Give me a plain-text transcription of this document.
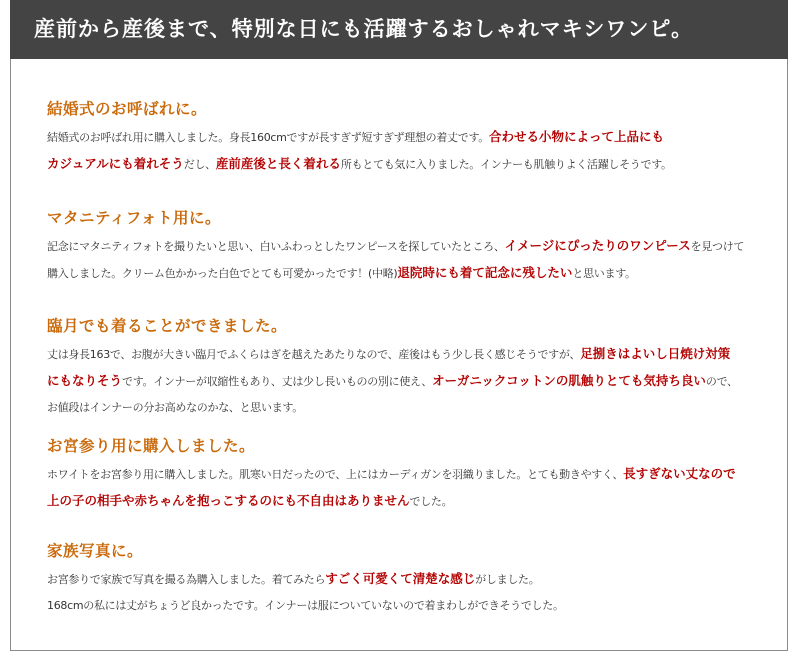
産前から産後まで、特別な日にも活躍するおしゃれマキシワンピ。
結婚式のお呼ばれに。

結婚式のお呼ばれ用に購入しました。身長160cmですが長すぎず短すぎず理想の着丈です。合わせる小物によって上品にも
カジュアルにも着れそうだし、産前産後と長く着れる所もとても気に入りました。インナーも肌触りよく活躍しそうです。

マタニティフォト用に。

記念にマタニティフォトを撮りたいと思い、白いふわっとしたワンピースを探していたところ、イメージにぴったりのワンピースを見つけて
購入しました。クリーム色かかった白色でとても可愛かったです！(中略)退院時にも着て記念に残したいと思います。

臨月でも着ることができました。

丈は身長163で、お腹が大きい臨月でふくらはぎを越えたあたりなので、産後はもう少し長く感じそうですが、足捌きはよいし日焼け対策
にもなりそうです。インナーが収縮性もあり、丈は少し長いものの別に使え、オーガニックコットンの肌触りとても気持ち良いので、
お値段はインナーの分お高めなのかな、と思います。

お宮参り用に購入しました。

ホワイトをお宮参り用に購入しました。肌寒い日だったので、上にはカーディガンを羽織りました。とても動きやすく、長すぎない丈なので
上の子の相手や赤ちゃんを抱っこするのにも不自由はありませんでした。

家族写真に。

お宮参りで家族で写真を撮る為購入しました。着てみたらすごく可愛くて清楚な感じがしました。
168cmの私には丈がちょうど良かったです。インナーは服についていないので着まわしができそうでした。
